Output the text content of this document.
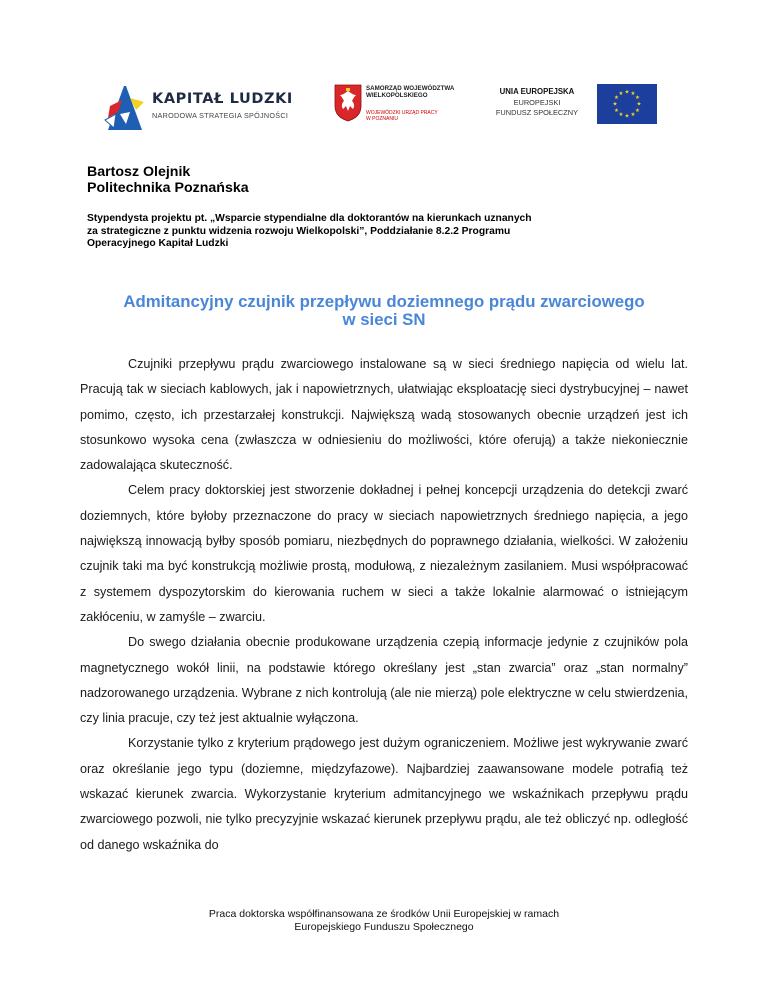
KAPITAŁ LUDZKI
NARODOWA STRATEGIA SPÓJNOŚCI
SAMORZĄD WOJEWÓDZTWA
WIELKOPOLSKIEGO
WOJEWÓDZKI URZĄD PRACY
W POZNANIU
UNIA EUROPEJSKA
EUROPEJSKI
FUNDUSZ SPOŁECZNY
★ ★
★
★
★
★
★
★
★
★
★
★
Bartosz Olejnik
Politechnika Poznańska
Stypendysta projektu pt. „Wsparcie stypendialne dla doktorantów na kierunkach uznanych
za strategiczne z punktu widzenia rozwoju Wielkopolski”, Poddziałanie 8.2.2 Programu
Operacyjnego Kapitał Ludzki
Admitancyjny czujnik przepływu doziemnego prądu zwarciowego
w sieci SN

Czujniki przepływu prądu zwarciowego instalowane są w sieci średniego napięcia od wielu lat. Pracują tak w sieciach kablowych, jak i napowietrznych, ułatwiając eksploatację sieci dystrybucyjnej – nawet pomimo, często, ich przestarzałej konstrukcji. Największą wadą stosowanych obecnie urządzeń jest ich stosunkowo wysoka cena (zwłaszcza w odniesieniu do możliwości, które oferują) a także niekoniecznie zadowalająca skuteczność.

Celem pracy doktorskiej jest stworzenie dokładnej i pełnej koncepcji urządzenia do detekcji zwarć doziemnych, które byłoby przeznaczone do pracy w sieciach napowietrznych średniego napięcia, a jego największą innowacją byłby sposób pomiaru, niezbędnych do poprawnego działania, wielkości. W założeniu czujnik taki ma być konstrukcją możliwie prostą, modułową, z niezależnym zasilaniem. Musi współpracować z systemem dyspozytorskim do kierowania ruchem w sieci a także lokalnie alarmować o istniejącym zakłóceniu, w zamyśle – zwarciu.

Do swego działania obecnie produkowane urządzenia czepią informacje jedynie z czujników pola magnetycznego wokół linii, na podstawie którego określany jest „stan zwarcia” oraz „stan normalny” nadzorowanego urządzenia. Wybrane z nich kontrolują (ale nie mierzą) pole elektryczne w celu stwierdzenia, czy linia pracuje, czy też jest aktualnie wyłączona.

Korzystanie tylko z kryterium prądowego jest dużym ograniczeniem. Możliwe jest wykrywanie zwarć oraz określanie jego typu (doziemne, międzyfazowe). Najbardziej zaawansowane modele potrafią też wskazać kierunek zwarcia. Wykorzystanie kryterium admitancyjnego we wskaźnikach przepływu prądu zwarciowego pozwoli, nie tylko precyzyjnie wskazać kierunek przepływu prądu, ale też obliczyć np. odległość od danego wskaźnika do

Praca doktorska współfinansowana ze środków Unii Europejskiej w ramach
Europejskiego Funduszu Społecznego
